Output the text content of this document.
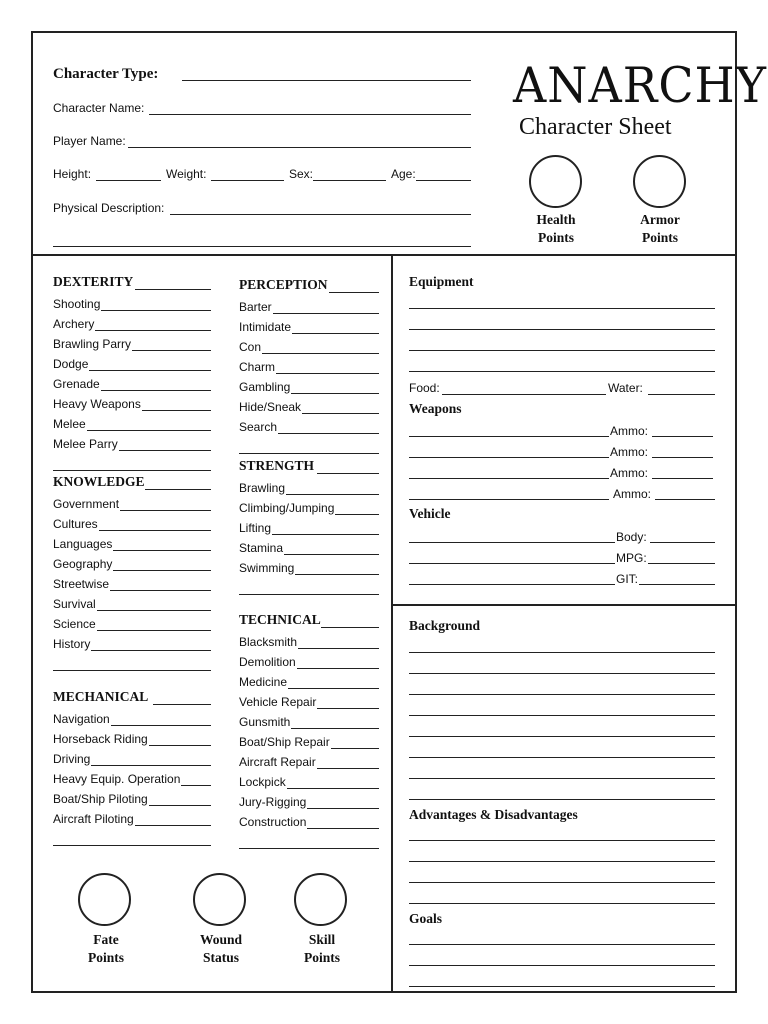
Character Type:
Character Name:
Player Name:
Height:	Weight:	Sex:	Age:
Physical Description:
ANARCHY
Character Sheet
Health
Points
Armor
Points
DEXTERITY
Shooting
Archery
Brawling Parry
Dodge
Grenade
Heavy Weapons
Melee
Melee Parry
KNOWLEDGE
Government
Cultures
Languages
Geography
Streetwise
Survival
Science
History
MECHANICAL
Navigation
Horseback Riding
Driving
Heavy Equip. Operation
Boat/Ship Piloting
Aircraft Piloting
PERCEPTION
Barter
Intimidate
Con
Charm
Gambling
Hide/Sneak
Search
STRENGTH
Brawling
Climbing/Jumping
Lifting
Stamina
Swimming
TECHNICAL
Blacksmith
Demolition
Medicine
Vehicle Repair
Gunsmith
Boat/Ship Repair
Aircraft Repair
Lockpick
Jury-Rigging
Construction
Fate
Points
Wound
Status
Skill
Points
Equipment
Food:	Water:
Weapons
Ammo:
Ammo:
Ammo:
Ammo:
Vehicle
Body:
MPG:
GIT:
Background
Advantages & Disadvantages
Goals
